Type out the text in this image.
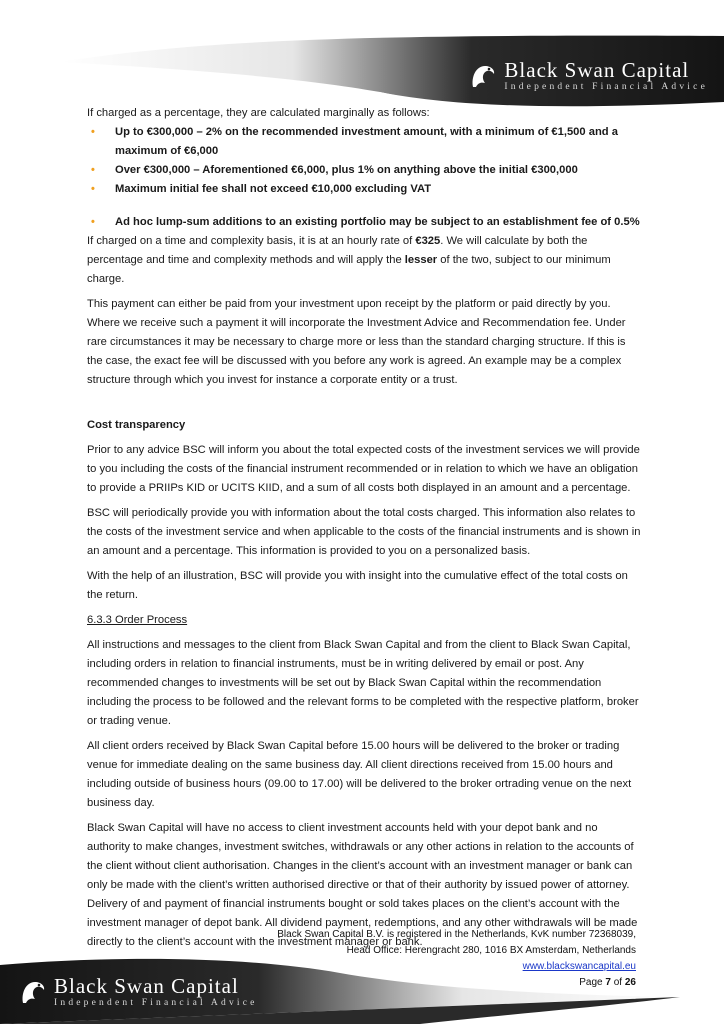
Black Swan Capital
Independent Financial Advice

If charged as a percentage, they are calculated marginally as follows:

• Up to €300,000 – 2% on the recommended investment amount, with a minimum of €1,500 and a maximum of €6,000
• Over €300,000 – Aforementioned €6,000, plus 1% on anything above the initial €300,000
• Maximum initial fee shall not exceed €10,000 excluding VAT
• Ad hoc lump-sum additions to an existing portfolio may be subject to an establishment fee of 0.5%

If charged on a time and complexity basis, it is at an hourly rate of €325. We will calculate by both the percentage and time and complexity methods and will apply the lesser of the two, subject to our minimum charge.

This payment can either be paid from your investment upon receipt by the platform or paid directly by you. Where we receive such a payment it will incorporate the Investment Advice and Recommendation fee. Under rare circumstances it may be necessary to charge more or less than the standard charging structure. If this is the case, the exact fee will be discussed with you before any work is agreed. An example may be a complex structure through which you invest for instance a corporate entity or a trust.

Cost transparency

Prior to any advice BSC will inform you about the total expected costs of the investment services we will provide to you including the costs of the financial instrument recommended or in relation to which we have an obligation to provide a PRIIPs KID or UCITS KIID, and a sum of all costs both displayed in an amount and a percentage.

BSC will periodically provide you with information about the total costs charged. This information also relates to the costs of the investment service and when applicable to the costs of the financial instruments and is shown in an amount and a percentage. This information is provided to you on a personalized basis.

With the help of an illustration, BSC will provide you with insight into the cumulative effect of the total costs on the return.

6.3.3 Order Process

All instructions and messages to the client from Black Swan Capital and from the client to Black Swan Capital, including orders in relation to financial instruments, must be in writing delivered by email or post. Any recommended changes to investments will be set out by Black Swan Capital within the recommendation including the process to be followed and the relevant forms to be completed with the respective platform, broker or trading venue.

All client orders received by Black Swan Capital before 15.00 hours will be delivered to the broker or trading venue for immediate dealing on the same business day. All client directions received from 15.00 hours and including outside of business hours (09.00 to 17.00) will be delivered to the broker ortrading venue on the next business day.

Black Swan Capital will have no access to client investment accounts held with your depot bank and no authority to make changes, investment switches, withdrawals or any other actions in relation to the accounts of the client without client authorisation. Changes in the client’s account with an investment manager or bank can only be made with the client’s written authorised directive or that of their authority by issued power of attorney. Delivery of and payment of financial instruments bought or sold takes places on the client’s account with the investment manager of depot bank. All dividend payment, redemptions, and any other withdrawals will be made directly to the client’s account with the investment manager or bank.

Black Swan Capital B.V. is registered in the Netherlands, KvK number 72368039,
Head Office: Herengracht 280, 1016 BX Amsterdam, Netherlands
www.blackswancapital.eu
Page 7 of 26
Black Swan Capital
Independent Financial Advice
